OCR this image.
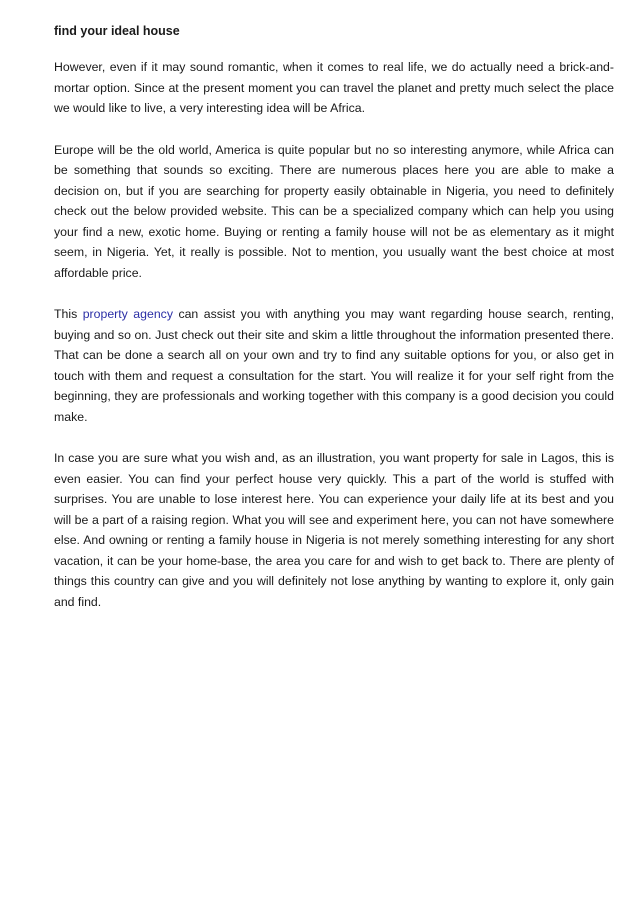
find your ideal house

However, even if it may sound romantic, when it comes to real life, we do actually need a brick-and-mortar option. Since at the present moment you can travel the planet and pretty much select the place we would like to live, a very interesting idea will be Africa.

Europe will be the old world, America is quite popular but no so interesting anymore, while Africa can be something that sounds so exciting. There are numerous places here you are able to make a decision on, but if you are searching for property easily obtainable in Nigeria, you need to definitely check out the below provided website. This can be a specialized company which can help you using your find a new, exotic home. Buying or renting a family house will not be as elementary as it might seem, in Nigeria. Yet, it really is possible. Not to mention, you usually want the best choice at most affordable price.

This property agency can assist you with anything you may want regarding house search, renting, buying and so on. Just check out their site and skim a little throughout the information presented there. That can be done a search all on your own and try to find any suitable options for you, or also get in touch with them and request a consultation for the start. You will realize it for your self right from the beginning, they are professionals and working together with this company is a good decision you could make.

In case you are sure what you wish and, as an illustration, you want property for sale in Lagos, this is even easier. You can find your perfect house very quickly. This a part of the world is stuffed with surprises. You are unable to lose interest here. You can experience your daily life at its best and you will be a part of a raising region. What you will see and experiment here, you can not have somewhere else. And owning or renting a family house in Nigeria is not merely something interesting for any short vacation, it can be your home-base, the area you care for and wish to get back to. There are plenty of things this country can give and you will definitely not lose anything by wanting to explore it, only gain and find.
